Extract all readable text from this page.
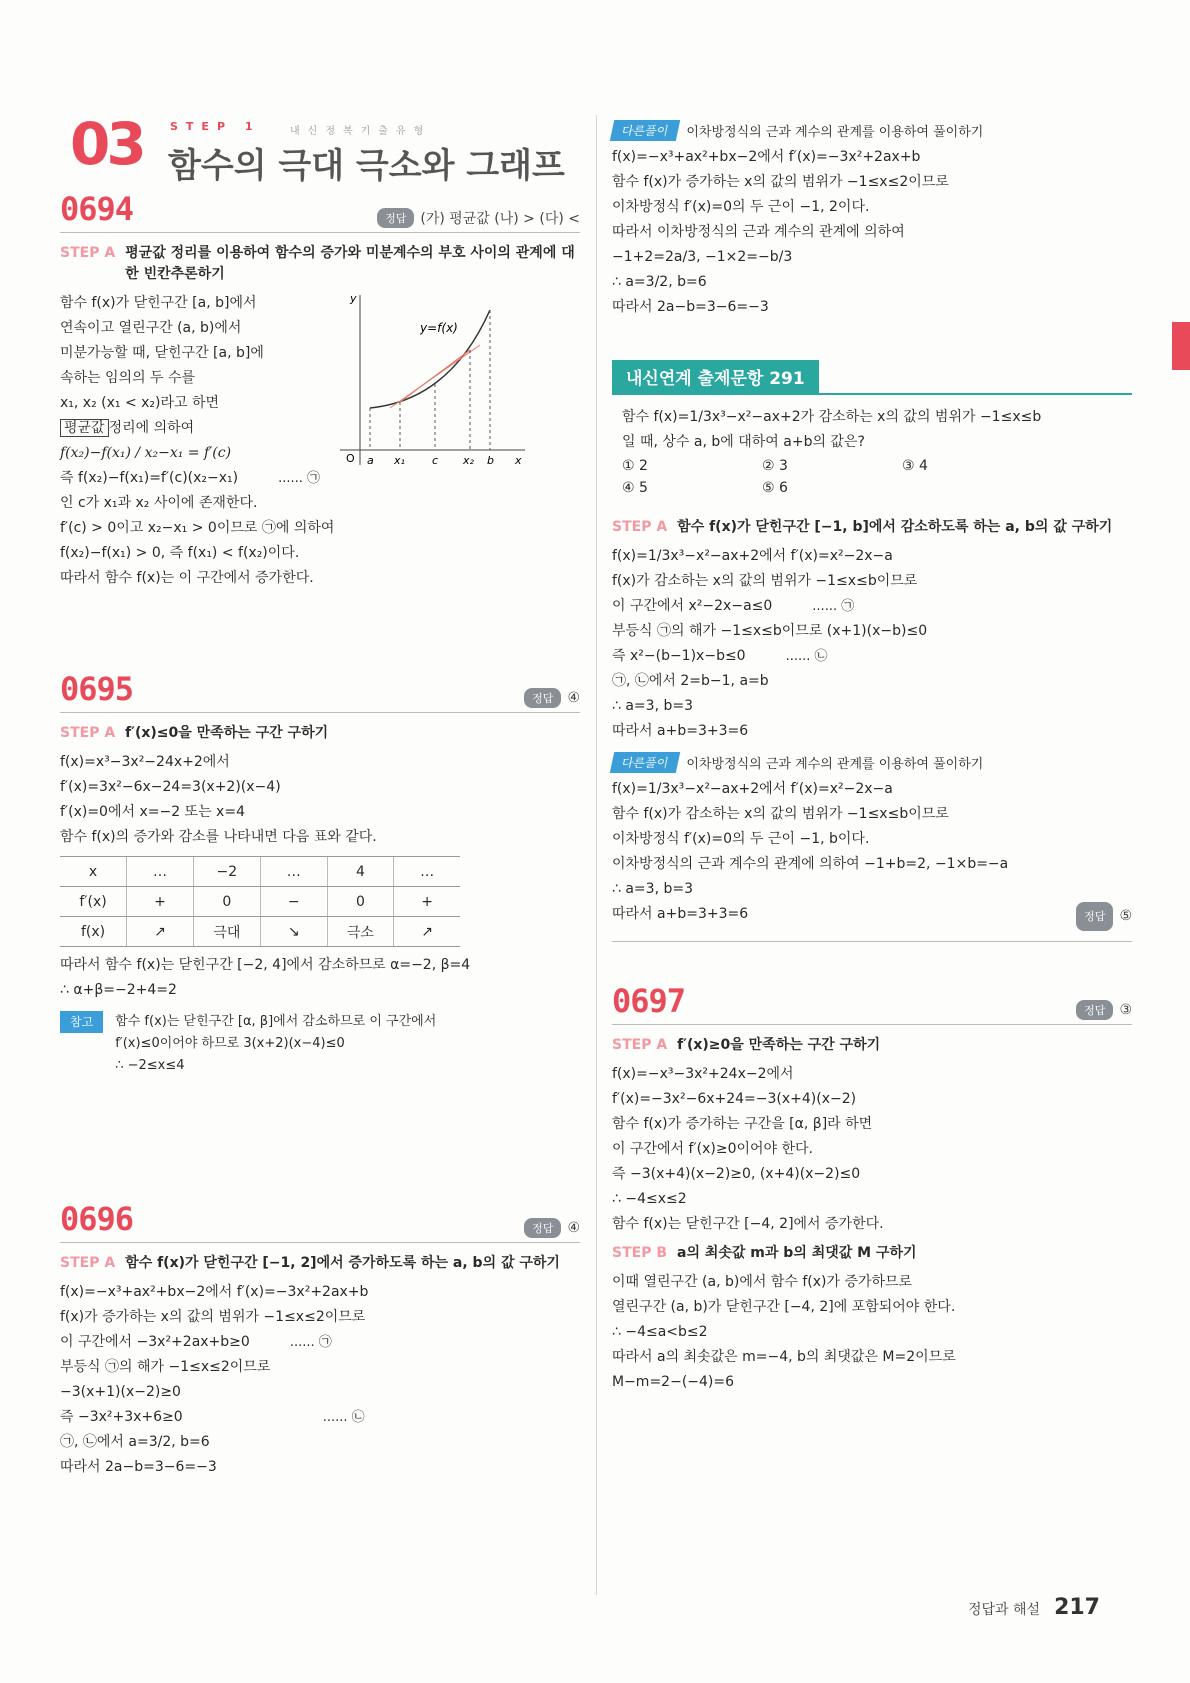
03 STEP 1	내신정복기출유형
함수의 극대 극소와 그래프
0694	정답	(가) 평균값 (나) > (다) <
STEP A 평균값 정리를 이용하여 함수의 증가와 미분계수의 부호 사이의 관계에 대한 빈칸추론하기
함수 f(x)가 닫힌구간 [a, b]에서
연속이고 열린구간 (a, b)에서
미분가능할 때, 닫힌구간 [a, b]에
속하는 임의의 두 수를
x₁, x₂ (x₁ < x₂)라고 하면
평균값 정리에 의하여
f(x₂)−f(x₁) / x₂−x₁ = f′(c)
즉 f(x₂)−f(x₁)=f′(c)(x₂−x₁)	...... ㉠
인 c가 x₁과 x₂ 사이에 존재한다.
f′(c) > 0이고 x₂−x₁ > 0이므로 ㉠에 의하여
f(x₂)−f(x₁) > 0, 즉 f(x₁) < f(x₂)이다.
따라서 함수 f(x)는 이 구간에서 증가한다.
y
O a x₁ c x₂ b x
y=f(x)
0695	정답	④
STEP A f′(x)≤0을 만족하는 구간 구하기
f(x)=x³−3x²−24x+2에서
f′(x)=3x²−6x−24=3(x+2)(x−4)
f′(x)=0에서 x=−2 또는 x=4
함수 f(x)의 증가와 감소를 나타내면 다음 표와 같다.
x	…	−2	…	4	…
f′(x)	+	0	−	0	+
f(x)	↗	극대	↘	극소	↗
따라서 함수 f(x)는 닫힌구간 [−2, 4]에서 감소하므로 α=−2, β=4
∴ α+β=−2+4=2
참고	함수 f(x)는 닫힌구간 [α, β]에서 감소하므로 이 구간에서
f′(x)≤0이어야 하므로 3(x+2)(x−4)≤0
∴ −2≤x≤4
0696	정답	④
STEP A 함수 f(x)가 닫힌구간 [−1, 2]에서 증가하도록 하는 a, b의 값 구하기
f(x)=−x³+ax²+bx−2에서 f′(x)=−3x²+2ax+b
f(x)가 증가하는 x의 값의 범위가 −1≤x≤2이므로
이 구간에서 −3x²+2ax+b≥0	...... ㉠
부등식 ㉠의 해가 −1≤x≤2이므로
−3(x+1)(x−2)≥0
즉 −3x²+3x+6≥0	...... ㉡
㉠, ㉡에서 a=3/2, b=6
따라서 2a−b=3−6=−3
다른풀이	이차방정식의 근과 계수의 관계를 이용하여 풀이하기
f(x)=−x³+ax²+bx−2에서 f′(x)=−3x²+2ax+b
함수 f(x)가 증가하는 x의 값의 범위가 −1≤x≤2이므로
이차방정식 f′(x)=0의 두 근이 −1, 2이다.
따라서 이차방정식의 근과 계수의 관계에 의하여
−1+2=2a/3, −1×2=−b/3
∴ a=3/2, b=6
따라서 2a−b=3−6=−3
내신연계 출제문항 291
함수 f(x)=1/3x³−x²−ax+2가 감소하는 x의 값의 범위가 −1≤x≤b
일 때, 상수 a, b에 대하여 a+b의 값은?
① 2	② 3	③ 4
④ 5	⑤ 6
STEP A 함수 f(x)가 닫힌구간 [−1, b]에서 감소하도록 하는 a, b의 값 구하기
f(x)=1/3x³−x²−ax+2에서 f′(x)=x²−2x−a
f(x)가 감소하는 x의 값의 범위가 −1≤x≤b이므로
이 구간에서 x²−2x−a≤0	...... ㉠
부등식 ㉠의 해가 −1≤x≤b이므로 (x+1)(x−b)≤0
즉 x²−(b−1)x−b≤0	...... ㉡
㉠, ㉡에서 2=b−1, a=b
∴ a=3, b=3
따라서 a+b=3+3=6
다른풀이	이차방정식의 근과 계수의 관계를 이용하여 풀이하기
f(x)=1/3x³−x²−ax+2에서 f′(x)=x²−2x−a
함수 f(x)가 감소하는 x의 값의 범위가 −1≤x≤b이므로
이차방정식 f′(x)=0의 두 근이 −1, b이다.
이차방정식의 근과 계수의 관계에 의하여 −1+b=2, −1×b=−a
∴ a=3, b=3
따라서 a+b=3+3=6	정답	⑤
0697	정답	③
STEP A f′(x)≥0을 만족하는 구간 구하기
f(x)=−x³−3x²+24x−2에서
f′(x)=−3x²−6x+24=−3(x+4)(x−2)
함수 f(x)가 증가하는 구간을 [α, β]라 하면
이 구간에서 f′(x)≥0이어야 한다.
즉 −3(x+4)(x−2)≥0, (x+4)(x−2)≤0
∴ −4≤x≤2
함수 f(x)는 닫힌구간 [−4, 2]에서 증가한다.
STEP B a의 최솟값 m과 b의 최댓값 M 구하기
이때 열린구간 (a, b)에서 함수 f(x)가 증가하므로
열린구간 (a, b)가 닫힌구간 [−4, 2]에 포함되어야 한다.
∴ −4≤a<b≤2
따라서 a의 최솟값은 m=−4, b의 최댓값은 M=2이므로
M−m=2−(−4)=6
정답과 해설 217
